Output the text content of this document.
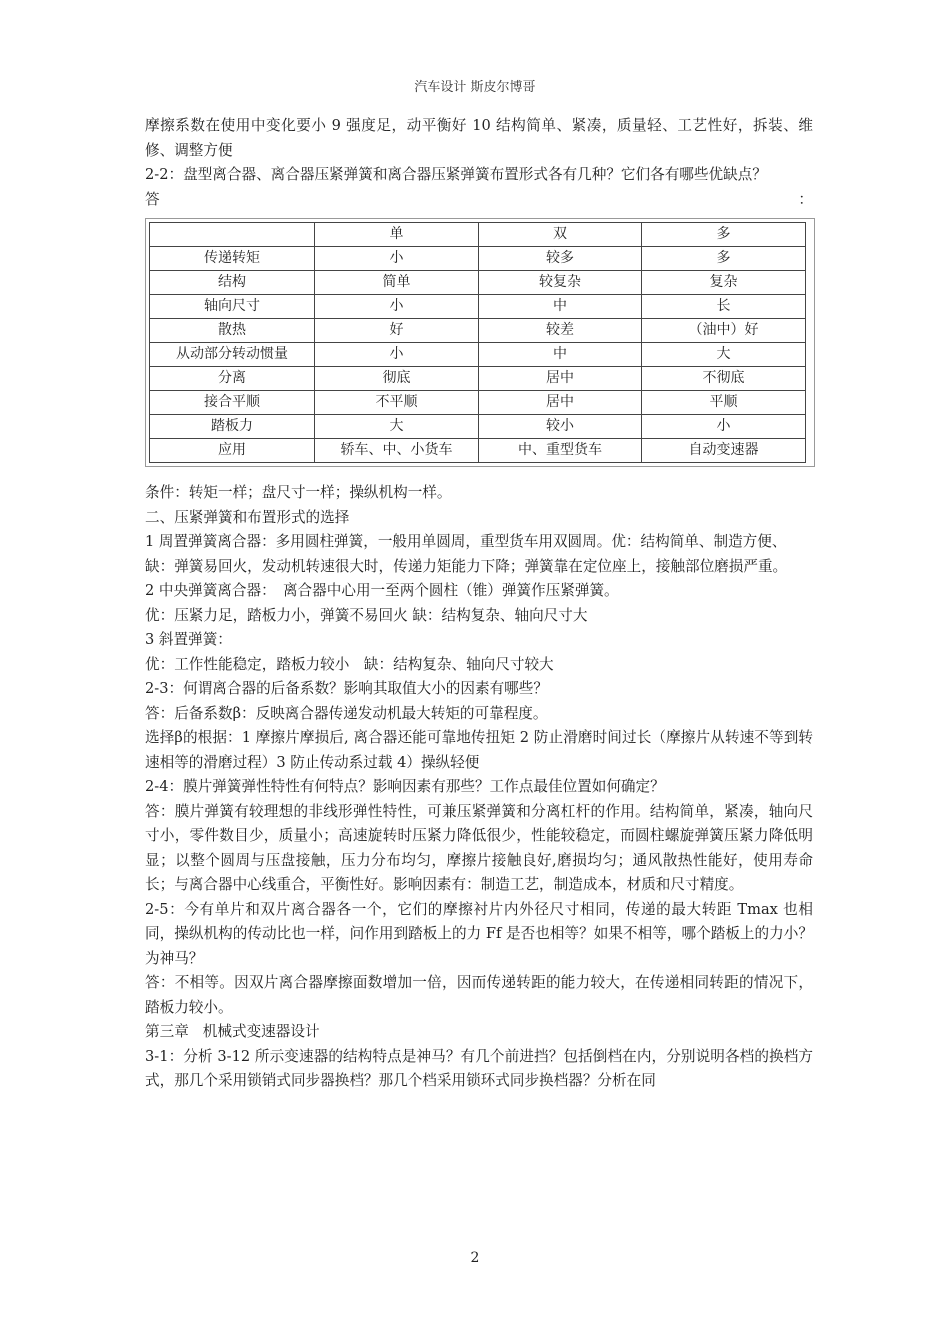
汽车设计 斯皮尔博哥

摩擦系数在使用中变化要小 9 强度足，动平衡好 10 结构简单、紧凑，质量轻、工艺性好，拆装、维修、调整方便

2-2：盘型离合器、离合器压紧弹簧和离合器压紧弹簧布置形式各有几种？它们各有哪些优缺点？

答	：

	单	双	多
传递转矩	小	较多	多
结构	简单	较复杂	复杂
轴向尺寸	小	中	长
散热	好	较差	（油中）好
从动部分转动惯量	小	中	大
分离	彻底	居中	不彻底
接合平顺	不平顺	居中	平顺
踏板力	大	较小	小
应用	轿车、中、小货车	中、重型货车	自动变速器

条件：转矩一样；盘尺寸一样；操纵机构一样。

二、压紧弹簧和布置形式的选择

1 周置弹簧离合器：多用圆柱弹簧，一般用单圆周，重型货车用双圆周。优：结构简单、制造方便、

缺：弹簧易回火，发动机转速很大时，传递力矩能力下降；弹簧靠在定位座上，接触部位磨损严重。

2 中央弹簧离合器：　离合器中心用一至两个圆柱（锥）弹簧作压紧弹簧。

优：压紧力足，踏板力小，弹簧不易回火 缺：结构复杂、轴向尺寸大

3 斜置弹簧：

优：工作性能稳定，踏板力较小　缺：结构复杂、轴向尺寸较大

2-3：何谓离合器的后备系数？影响其取值大小的因素有哪些？

答：后备系数β：反映离合器传递发动机最大转矩的可靠程度。

选择β的根据：1 摩擦片摩损后, 离合器还能可靠地传扭矩 2 防止滑磨时间过长（摩擦片从转速不等到转速相等的滑磨过程）3 防止传动系过载 4）操纵轻便

2-4：膜片弹簧弹性特性有何特点？影响因素有那些？工作点最佳位置如何确定？

答：膜片弹簧有较理想的非线形弹性特性，可兼压紧弹簧和分离杠杆的作用。结构简单，紧凑，轴向尺寸小，零件数目少，质量小；高速旋转时压紧力降低很少，性能较稳定，而圆柱螺旋弹簧压紧力降低明显；以整个圆周与压盘接触，压力分布均匀，摩擦片接触良好,磨损均匀；通风散热性能好，使用寿命长；与离合器中心线重合，平衡性好。影响因素有：制造工艺，制造成本，材质和尺寸精度。

2-5：今有单片和双片离合器各一个，它们的摩擦衬片内外径尺寸相同，传递的最大转距 Tmax 也相同，操纵机构的传动比也一样，问作用到踏板上的力 Ff 是否也相等？如果不相等，哪个踏板上的力小？为神马？

答：不相等。因双片离合器摩擦面数增加一倍，因而传递转距的能力较大，在传递相同转距的情况下，踏板力较小。

第三章 机械式变速器设计

3-1：分析 3-12 所示变速器的结构特点是神马？有几个前进挡？包括倒档在内，分别说明各档的换档方式，那几个采用锁销式同步器换档？那几个档采用锁环式同步换档器？分析在同

2
